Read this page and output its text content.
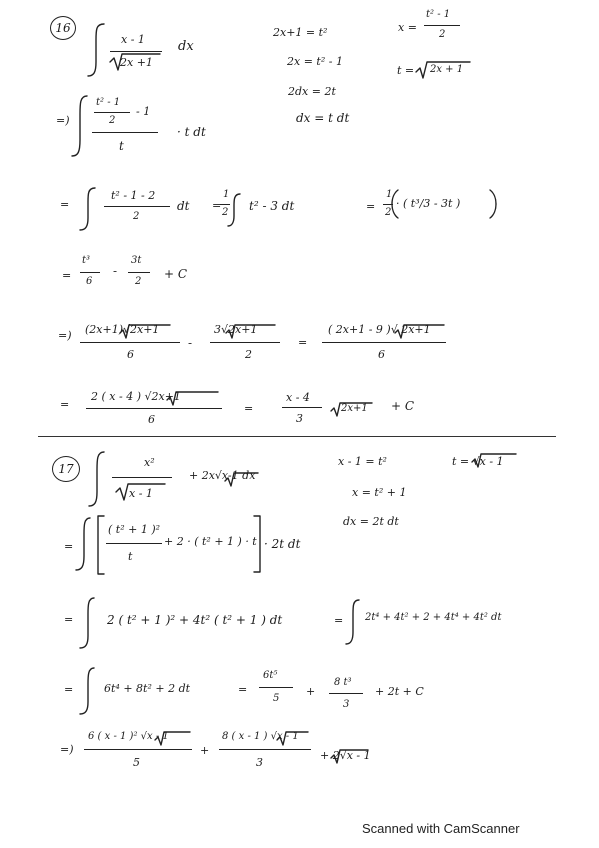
16
x - 1
2x +1
dx
2x+1 = t²
2x = t² - 1
2dx = 2t
dx = t dt
x =
t² - 1
2
t = 2x + 1
=)
t² - 1
2
- 1
t
· t dt
=
t² - 1 - 2
2
dt =
1
2 t² - 3 dt	=
1
2
· ( t³/3 - 3t )
=
t³
6
-
3t
2
+ C
=) (2x+1)√2x+1
6
-
3√2x+1
2
=
( 2x+1 - 9 )√ 2x+1
6
=
2 ( x - 4 ) √2x+1
6
=
x - 4
3
2x+1 + C
17	x²
x - 1
+ 2x√x-1 dx
x - 1 = t²	t = √x - 1
x = t² + 1
dx = 2t dt
=
( t² + 1 )²
t
+ 2 · ( t² + 1 ) · t · 2t dt
=	2 ( t² + 1 )² + 4t² ( t² + 1 ) dt	= 2t⁴ + 4t² + 2 + 4t⁴ + 4t² dt
=	6t⁴ + 8t² + 2 dt	=
6t⁵
5
+
8 t³
3
+ 2t + C
=)
6 ( x - 1 )² √x - 1
5
+
8 ( x - 1 ) √x - 1
3
+ 2√x - 1
Scanned with CamScanner
